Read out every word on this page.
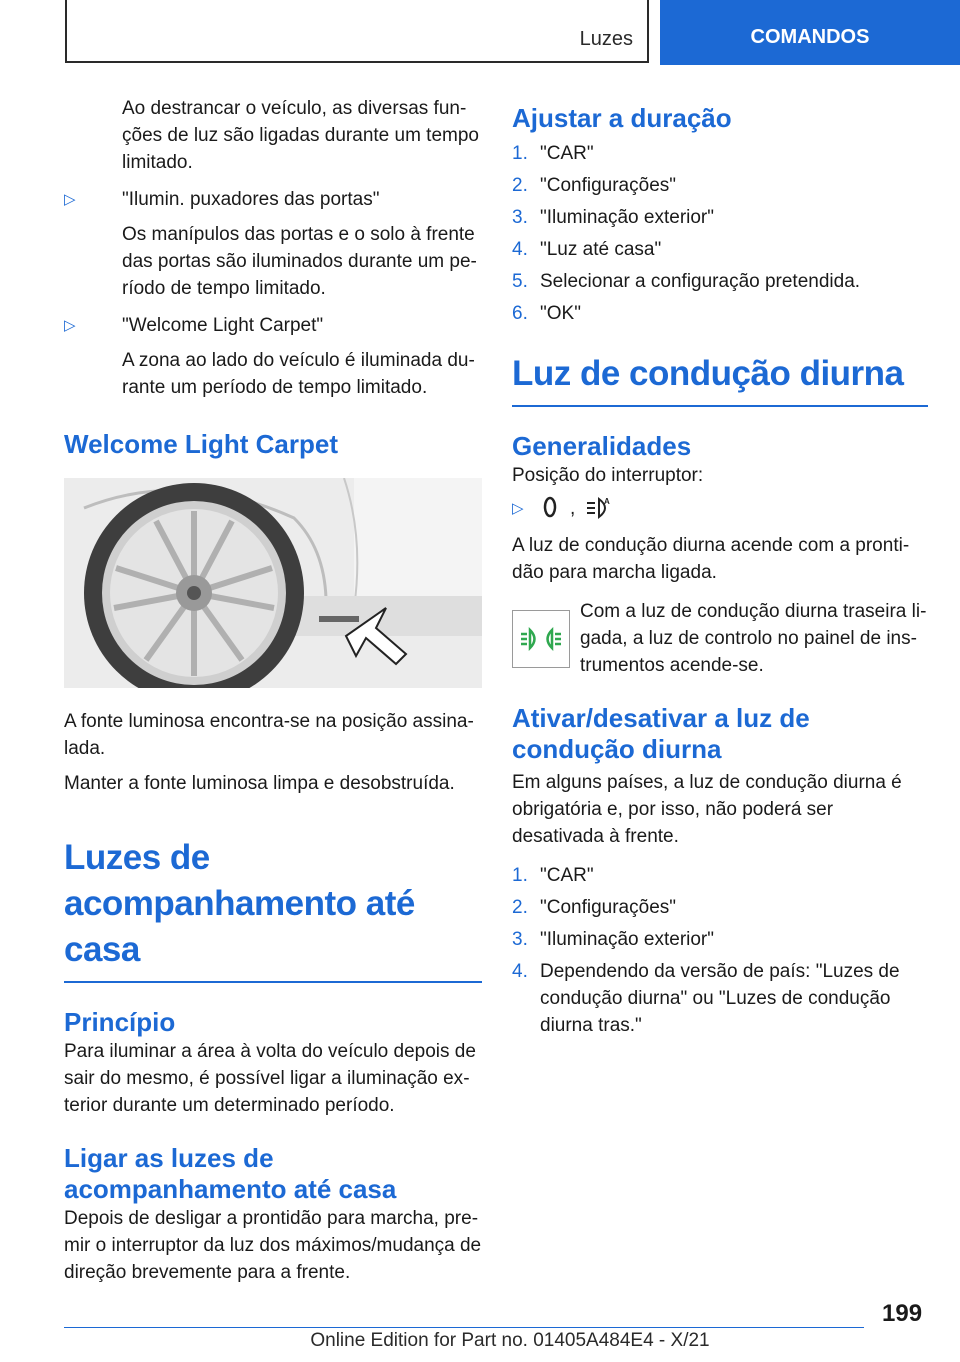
Luzes	COMANDOS

Ao destrancar o veículo, as diversas funções de luz são ligadas durante um tempo limitado.

▷	"Ilumin. puxadores das portas"

Os manípulos das portas e o solo à frente das portas são iluminados durante um período de tempo limitado.

▷	"Welcome Light Carpet"

A zona ao lado do veículo é iluminada durante um período de tempo limitado.

Welcome Light Carpet

A fonte luminosa encontra-se na posição assinalada.

Manter a fonte luminosa limpa e desobstruída.

Luzes de acompanhamento até casa
Princípio

Para iluminar a área à volta do veículo depois de sair do mesmo, é possível ligar a iluminação exterior durante um determinado período.

Ligar as luzes de acompanhamento até casa

Depois de desligar a prontidão para marcha, premir o interruptor da luz dos máximos/mudança de direção brevemente para a frente.

Ajustar a duração
1. "CAR"
2. "Configurações"
3. "Iluminação exterior"
4. "Luz até casa"
5. Selecionar a configuração pretendida.
6. "OK"
Luz de condução diurna
Generalidades

Posição do interruptor:

▷	,	A

A luz de condução diurna acende com a prontidão para marcha ligada.

Com a luz de condução diurna traseira ligada, a luz de controlo no painel de instrumentos acende-se.

Ativar/desativar a luz de condução diurna

Em alguns países, a luz de condução diurna é obrigatória e, por isso, não poderá ser desativada à frente.

1. "CAR"
2. "Configurações"
3. "Iluminação exterior"
4. Dependendo da versão de país: "Luzes de condução diurna" ou "Luzes de condução diurna tras."
199
Online Edition for Part no. 01405A484E4 - X/21
